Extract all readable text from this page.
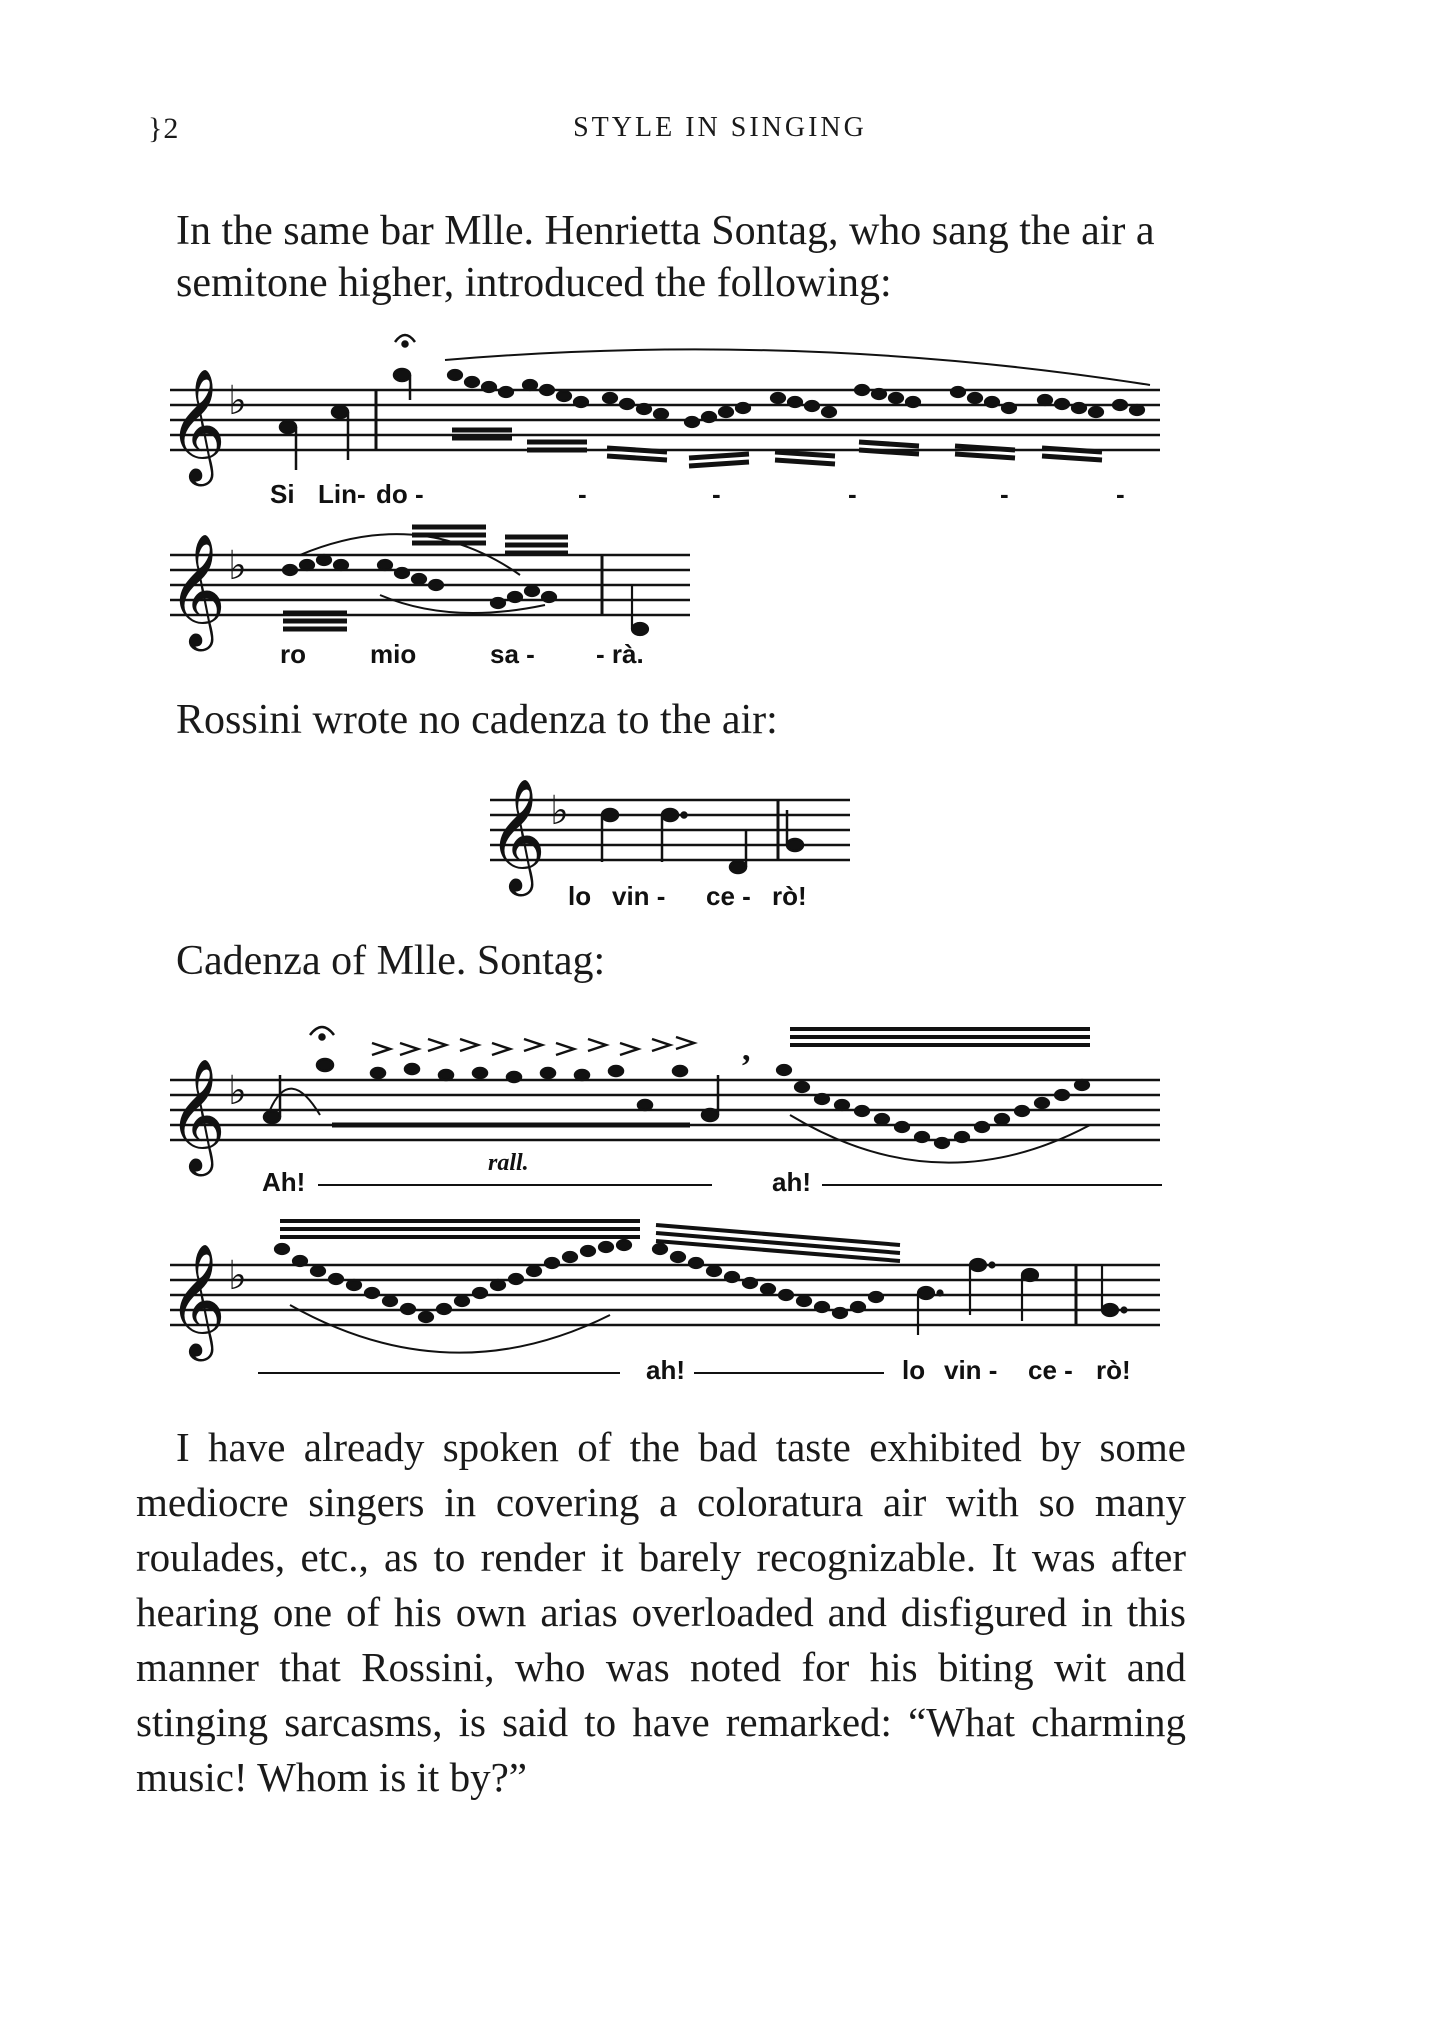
}2	STYLE IN SINGING

In the same bar Mlle. Henrietta Sontag, who sang the air a semitone higher, introduced the following:

𝄞 ♭
Si Lin- do -	-	-	-	-	-
𝄞 ♭
ro mio	sa - - rà.

Rossini wrote no cadenza to the air:

𝄞 ♭
lo vin - ce - rò!

Cadenza of Mlle. Sontag:

𝄞 ♭
,
rall.
Ah!	ah!
𝄞 ♭
ah!	lo vin - ce - rò!

I have already spoken of the bad taste exhibited by some mediocre singers in covering a coloratura air with so many roulades, etc., as to render it barely recognizable. It was after hearing one of his own arias overloaded and disfigured in this manner that Rossini, who was noted for his biting wit and stinging sarcasms, is said to have remarked: “What charming music! Whom is it by?”
